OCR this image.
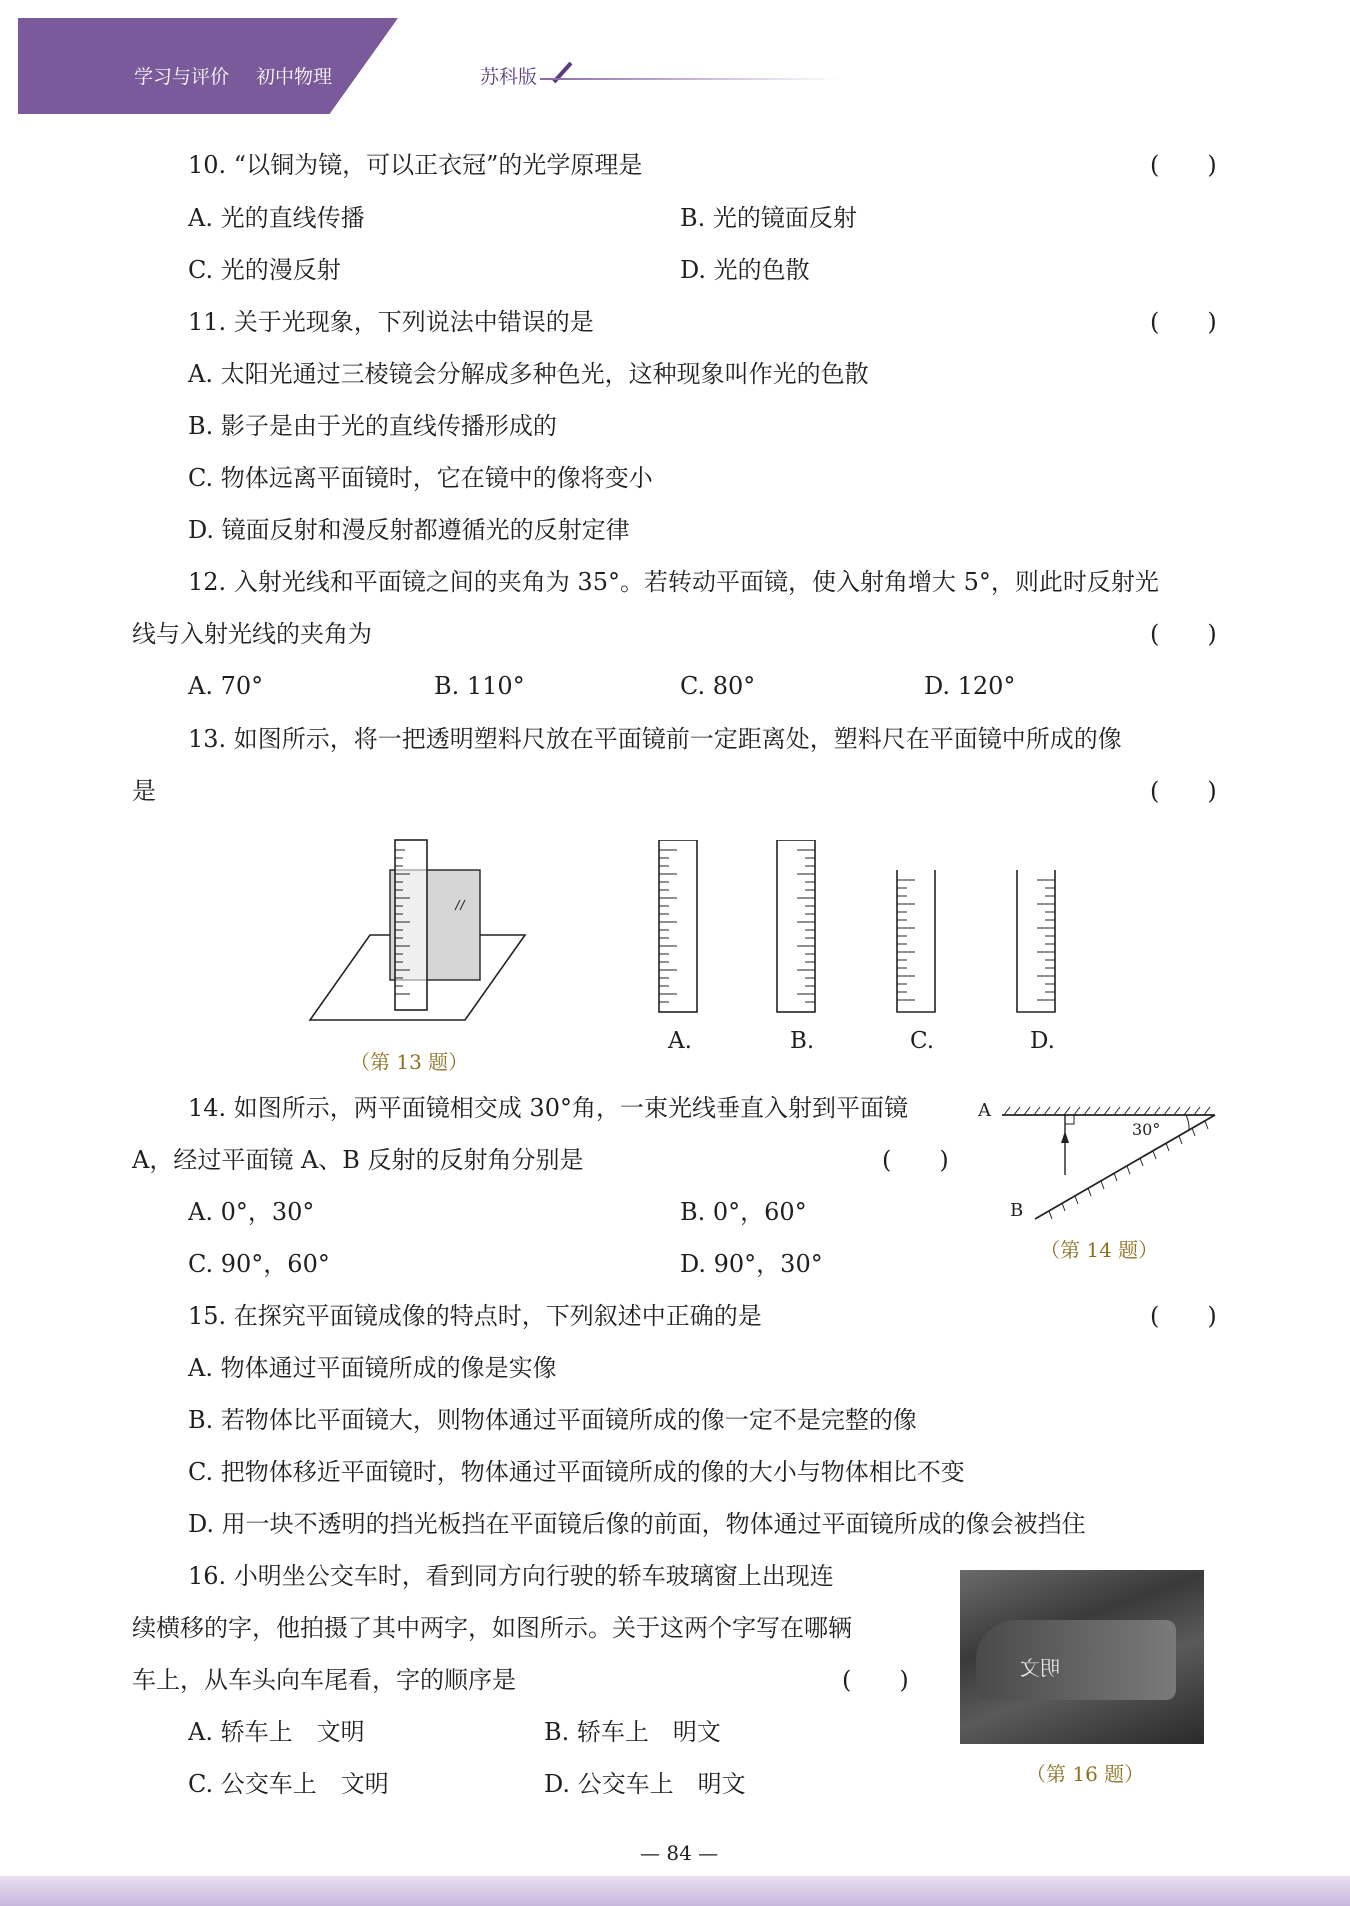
学习与评价 初中物理 八年级上册 苏科版
10. “以铜为镜，可以正衣冠”的光学原理是	(　　)
A. 光的直线传播	B. 光的镜面反射
C. 光的漫反射	D. 光的色散
11. 关于光现象，下列说法中错误的是	(　　)
A. 太阳光通过三棱镜会分解成多种色光，这种现象叫作光的色散
B. 影子是由于光的直线传播形成的
C. 物体远离平面镜时，它在镜中的像将变小
D. 镜面反射和漫反射都遵循光的反射定律
12. 入射光线和平面镜之间的夹角为 35°。若转动平面镜，使入射角增大 5°，则此时反射光
线与入射光线的夹角为	(　　)
A. 70°	B. 110°	C. 80°	D. 120°
13. 如图所示，将一把透明塑料尺放在平面镜前一定距离处，塑料尺在平面镜中所成的像
是	(　　)
A.	B.	C.	D.
（第 13 题）
14. 如图所示，两平面镜相交成 30°角，一束光线垂直入射到平面镜
A，经过平面镜 A、B 反射的反射角分别是	(　　)
A. 0°，30°	B. 0°，60°
C. 90°，60°	D. 90°，30°
A
B
30°
（第 14 题）
15. 在探究平面镜成像的特点时，下列叙述中正确的是	(　　)
A. 物体通过平面镜所成的像是实像
B. 若物体比平面镜大，则物体通过平面镜所成的像一定不是完整的像
C. 把物体移近平面镜时，物体通过平面镜所成的像的大小与物体相比不变
D. 用一块不透明的挡光板挡在平面镜后像的前面，物体通过平面镜所成的像会被挡住
16. 小明坐公交车时，看到同方向行驶的轿车玻璃窗上出现连
续横移的字，他拍摄了其中两字，如图所示。关于这两个字写在哪辆
车上，从车头向车尾看，字的顺序是	(　　)
A. 轿车上　文明	B. 轿车上　明文
C. 公交车上　文明	D. 公交车上　明文
明文
（第 16 题）
— 84 —
